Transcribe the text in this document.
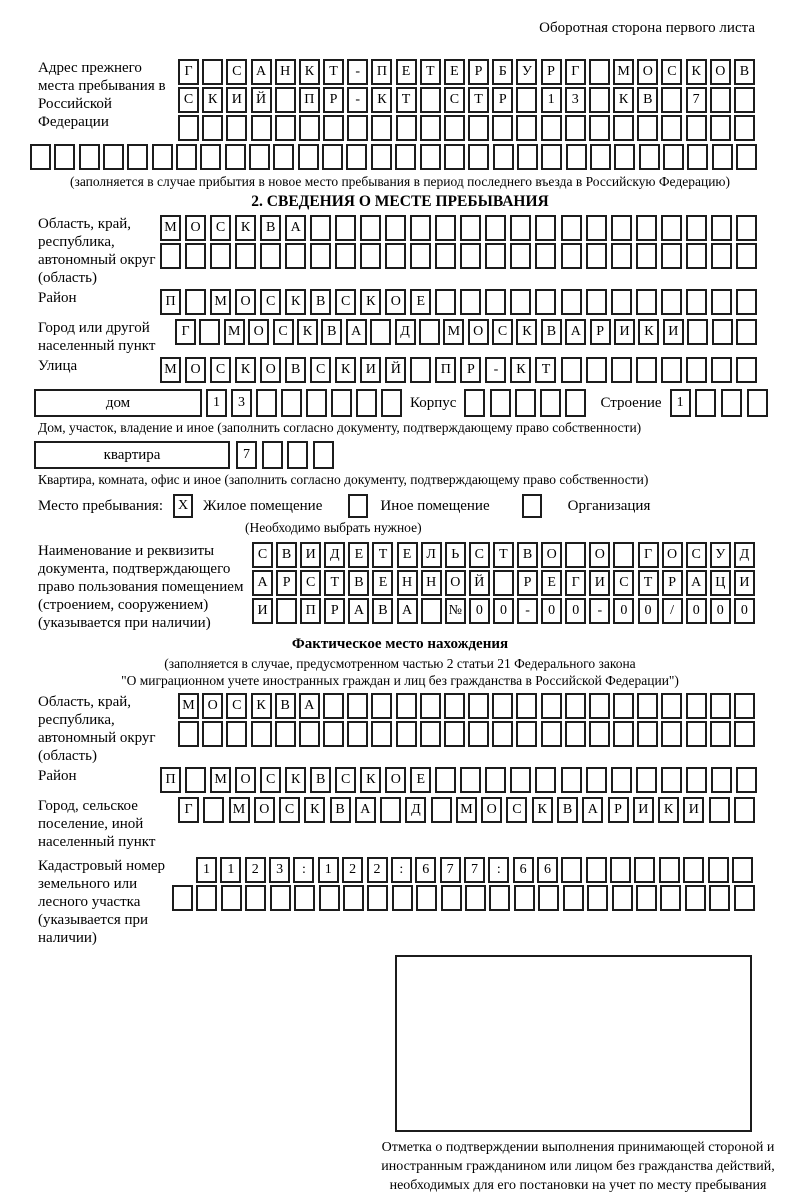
Оборотная сторона первого листа
Адрес прежнего места пребывания в Российской Федерации
Г	С	А	Н	К	Т	-	П	Е	Т	Е	Р	Б	У	Р	Г	М О	С	К	О	В
С	К	И	Й	П	Р	-	К	Т	С	Т	Р	1	3	К	В	7
(заполняется в случае прибытия в новое место пребывания в период последнего въезда в Российскую Федерацию)
2. СВЕДЕНИЯ О МЕСТЕ ПРЕБЫВАНИЯ
Область, край, республика, автономный округ (область)
М О	С	К	В	А
Район	П	М О	С	К	В	С	К	О	Е
Город или другой населенный пункт
Г	М О	С	К	В	А	Д	М О	С	К	В	А	Р	И	К	И
Улица	М О	С	К	О	В	С	К	И	Й	П	Р	-	К	Т
дом	1	3	Корпус	Строение	1
Дом, участок, владение и иное (заполнить согласно документу, подтверждающему право собственности)
квартира	7
Квартира, комната, офис и иное (заполнить согласно документу, подтверждающему право собственности)
Место пребывания:	X Жилое помещение	Иное помещение	Организация
(Необходимо выбрать нужное)
Наименование и реквизиты документа, подтверждающего право пользования помещением (строением, сооружением) (указывается при наличии)
С	В	И	Д	Е	Т	Е	Л	Ь	С	Т	В	О	О	Г	О	С	У	Д
А	Р	С	Т	В	Е	Н Н О Й	Р	Е	Г	И	С	Т	Р	А Ц И
И	П	Р	А	В	А	№ 0	0	-	0	0	-	0	0	/	0	0	0
Фактическое место нахождения
(заполняется в случае, предусмотренном частью 2 статьи 21 Федерального закона
"О миграционном учете иностранных граждан и лиц без гражданства в Российской Федерации")
Область, край, республика, автономный округ (область)
М О	С	К	В	А
Район	П	М О	С	К	В	С	К	О	Е
Город, сельское поселение, иной населенный пункт
Г	М О	С	К	В	А	Д	М О	С	К	В	А	Р	И	К	И
Кадастровый номер земельного или лесного участка (указывается при наличии)
1	1	2	3	:	1	2	2	:	6	7	7	:	6	6
Отметка о подтверждении выполнения принимающей стороной и иностранным гражданином или лицом без гражданства действий, необходимых для его постановки на учет по месту пребывания
